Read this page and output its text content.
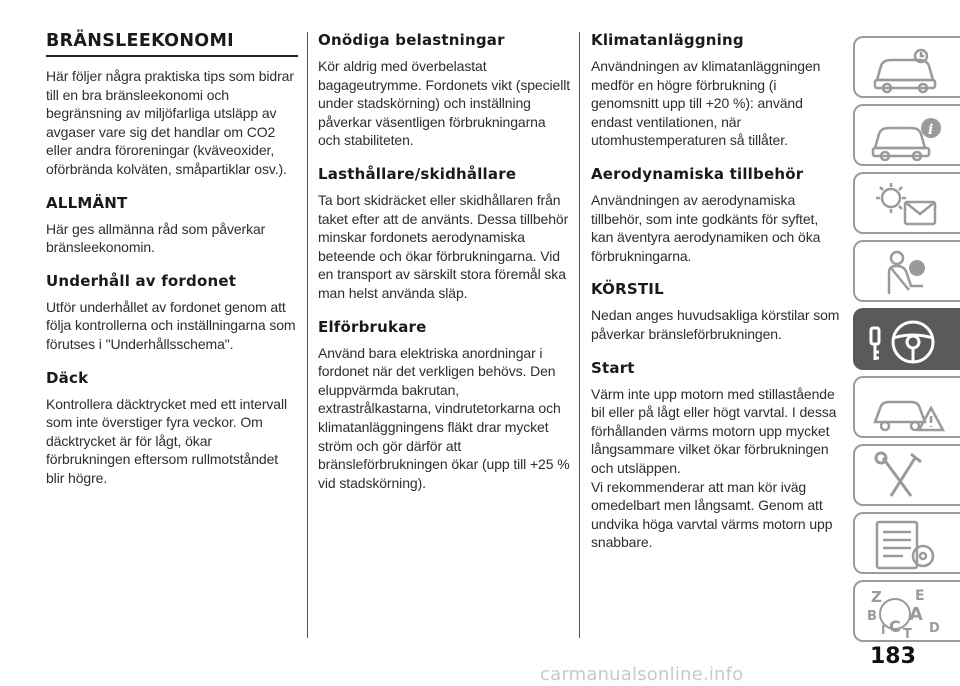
BRÄNSLEEKONOMI

Här följer några praktiska tips som bidrar till en bra bränsleekonomi och begränsning av miljöfarliga utsläpp av avgaser vare sig det handlar om CO2 eller andra föroreningar (kväveoxider, oförbrända kolväten, småpartiklar osv.).

ALLMÄNT

Här ges allmänna råd som påverkar bränsleekonomin.

Underhåll av fordonet

Utför underhållet av fordonet genom att följa kontrollerna och inställningarna som förutses i "Underhållsschema".

Däck

Kontrollera däcktrycket med ett intervall som inte överstiger fyra veckor. Om däcktrycket är för lågt, ökar förbrukningen eftersom rullmotståndet blir högre.

Onödiga belastningar

Kör aldrig med överbelastat bagageutrymme. Fordonets vikt (speciellt under stadskörning) och inställning påverkar väsentligen förbrukningarna och stabiliteten.

Lasthållare/skidhållare

Ta bort skidräcket eller skidhållaren från taket efter att de använts. Dessa tillbehör minskar fordonets aerodynamiska beteende och ökar förbrukningarna. Vid en transport av särskilt stora föremål ska man helst använda släp.

Elförbrukare

Använd bara elektriska anordningar i fordonet när det verkligen behövs. Den eluppvärmda bakrutan, extrastrålkastarna, vindrutetorkarna och klimatanläggningens fläkt drar mycket ström och gör därför att bränsleförbrukningen ökar (upp till +25 % vid stadskörning).

Klimatanläggning

Användningen av klimatanläggningen medför en högre förbrukning (i genomsnitt upp till +20 %): använd endast ventilationen, när utomhustemperaturen så tillåter.

Aerodynamiska tillbehör

Användningen av aerodynamiska tillbehör, som inte godkänts för syftet, kan äventyra aerodynamiken och öka förbrukningarna.

KÖRSTIL

Nedan anges huvudsakliga körstilar som påverkar bränsleförbrukningen.

Start

Värm inte upp motorn med stillastående bil eller på lågt eller högt varvtal. I dessa förhållanden värms motorn upp mycket långsammare vilket ökar förbrukningen och utsläppen.

Vi rekommenderar att man kör iväg omedelbart men långsamt. Genom att undvika höga varvtal värms motorn upp snabbare.

i
Z E
B A
I C T D
183
carmanualsonline.info
